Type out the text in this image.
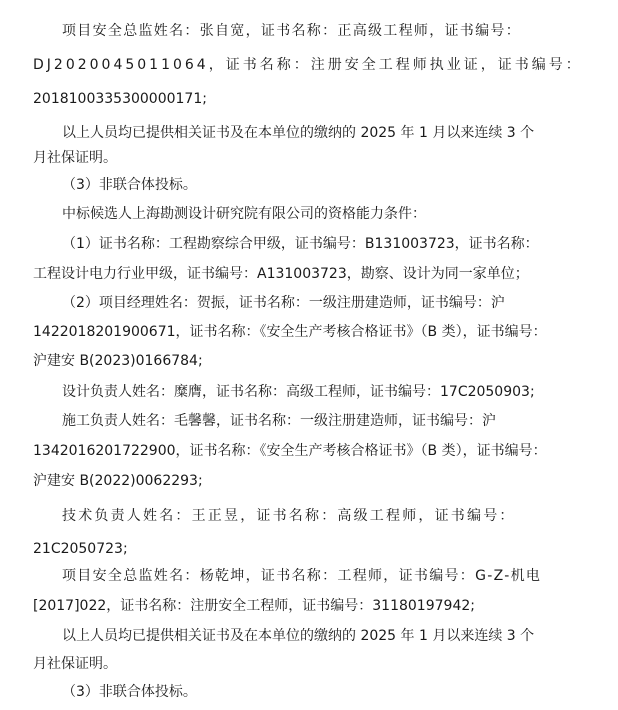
项目安全总监姓名：张自宽，证书名称：正高级工程师，证书编号：
DJ2020045011064，证书名称：注册安全工程师执业证，证书编号：
2018100335300000171;
以上人员均已提供相关证书及在本单位的缴纳的 2025 年 1 月以来连续 3 个
月社保证明。
（3）非联合体投标。
中标候选人上海勘测设计研究院有限公司的资格能力条件：
（1）证书名称：工程勘察综合甲级，证书编号：B131003723，证书名称：
工程设计电力行业甲级，证书编号：A131003723，勘察、设计为同一家单位；
（2）项目经理姓名：贺振，证书名称：一级注册建造师，证书编号：沪
1422018201900671，证书名称：《安全生产考核合格证书》（B 类），证书编号：
沪建安 B(2023)0166784;
设计负责人姓名：糜膺，证书名称：高级工程师，证书编号：17C2050903;
施工负责人姓名：毛馨馨，证书名称：一级注册建造师，证书编号：沪
1342016201722900，证书名称：《安全生产考核合格证书》（B 类），证书编号：
沪建安 B(2022)0062293;
技术负责人姓名：王正昱，证书名称：高级工程师，证书编号：
21C2050723;
项目安全总监姓名：杨乾坤，证书名称：工程师，证书编号：G-Z-机电
[2017]022，证书名称：注册安全工程师，证书编号：31180197942;
以上人员均已提供相关证书及在本单位的缴纳的 2025 年 1 月以来连续 3 个
月社保证明。
（3）非联合体投标。
